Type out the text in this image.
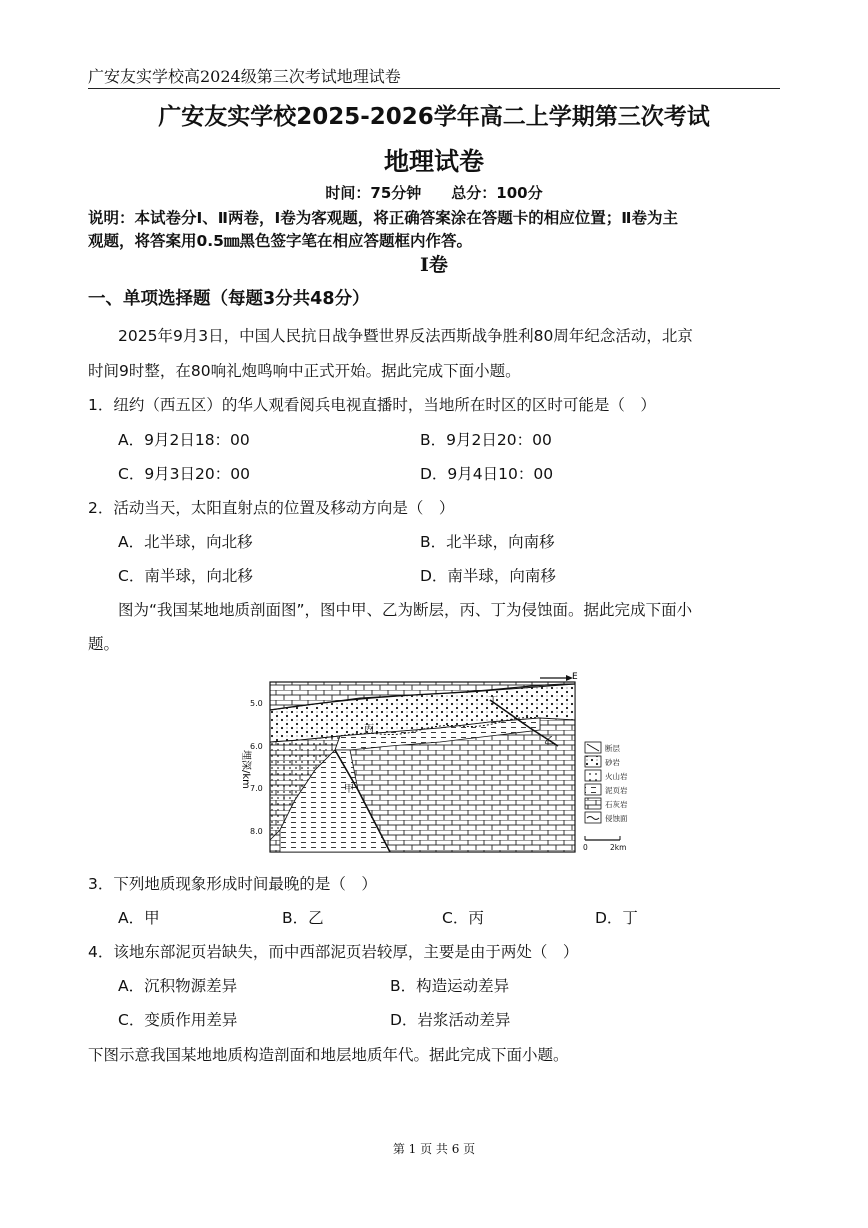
广安友实学校高2024级第三次考试地理试卷
广安友实学校2025-2026学年高二上学期第三次考试
地理试卷
时间：75分钟　　总分：100分
说明：本试卷分Ⅰ、Ⅱ两卷，Ⅰ卷为客观题，将正确答案涂在答题卡的相应位置；Ⅱ卷为主
观题，将答案用0.5㎜黑色签字笔在相应答题框内作答。
Ⅰ卷
一、单项选择题（每题3分共48分）
2025年9月3日，中国人民抗日战争暨世界反法西斯战争胜利80周年纪念活动，北京
时间9时整，在80响礼炮鸣响中正式开始。据此完成下面小题。
1．纽约（西五区）的华人观看阅兵电视直播时，当地所在时区的区时可能是（　）
A．9月2日18：00	B．9月2日20：00
C．9月3日20：00	D．9月4日10：00
2．活动当天，太阳直射点的位置及移动方向是（　）
A．北半球，向北移	B．北半球，向南移
C．南半球，向北移	D．南半球，向南移
图为“我国某地地质剖面图”，图中甲、乙为断层，丙、丁为侵蚀面。据此完成下面小
题。
5.0
6.0
7.0
8.0
埋深/km
E
丁
丙
乙
甲
断层
砂岩
火山岩
泥页岩
石灰岩
侵蚀面
0	2km
3．下列地质现象形成时间最晚的是（　）
A．甲	B．乙	C．丙	D．丁
4．该地东部泥页岩缺失，而中西部泥页岩较厚，主要是由于两处（　）
A．沉积物源差异	B．构造运动差异
C．变质作用差异	D．岩浆活动差异
下图示意我国某地地质构造剖面和地层地质年代。据此完成下面小题。
第 1 页 共 6 页
